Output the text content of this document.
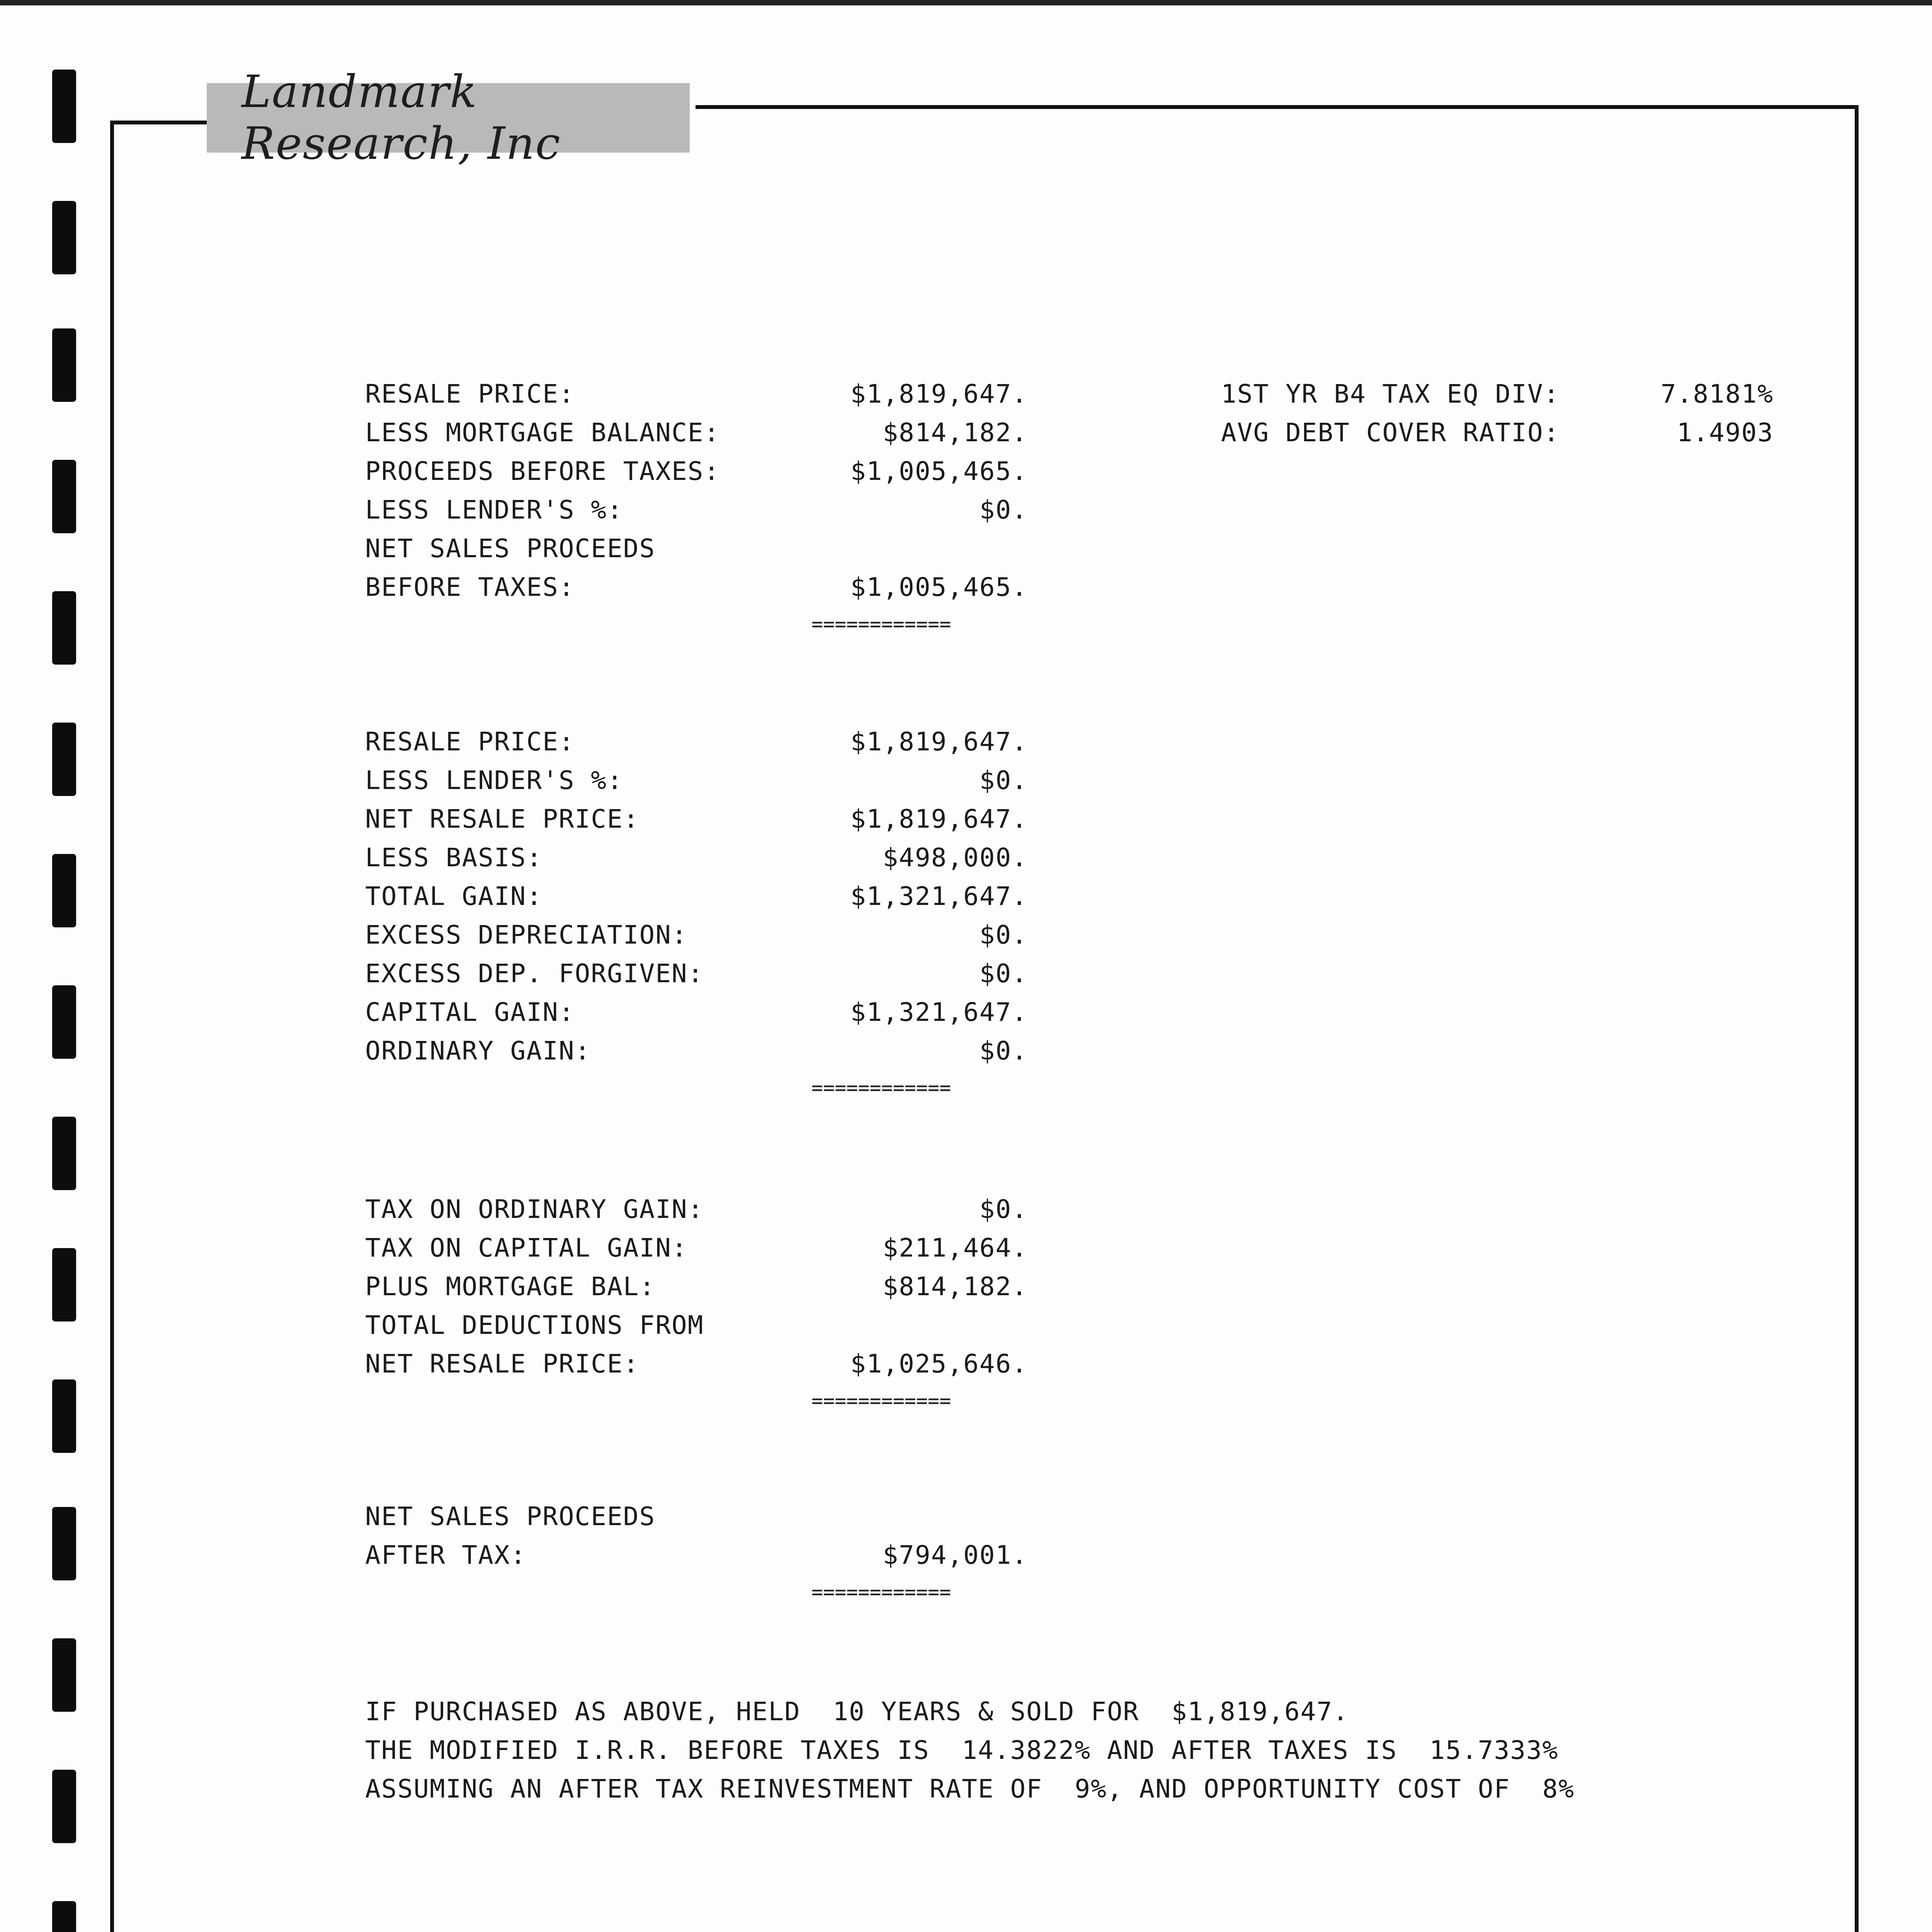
Landmark Research, Inc
1ST YR B4 TAX EQ DIV:	7.8181%
AVG DEBT COVER RATIO:	1.4903
RESALE PRICE:	$1,819,647.
LESS MORTGAGE BALANCE:	$814,182.
PROCEEDS BEFORE TAXES:	$1,005,465.
LESS LENDER'S %:	$0.
NET SALES PROCEEDS
BEFORE TAXES:	$1,005,465.
============
RESALE PRICE:	$1,819,647.
LESS LENDER'S %:	$0.
NET RESALE PRICE:	$1,819,647.
LESS BASIS:	$498,000.
TOTAL GAIN:	$1,321,647.
EXCESS DEPRECIATION:	$0.
EXCESS DEP. FORGIVEN:	$0.
CAPITAL GAIN:	$1,321,647.
ORDINARY GAIN:	$0.
============
TAX ON ORDINARY GAIN:	$0.
TAX ON CAPITAL GAIN:	$211,464.
PLUS MORTGAGE BAL:	$814,182.
TOTAL DEDUCTIONS FROM
NET RESALE PRICE:	$1,025,646.
============
NET SALES PROCEEDS
AFTER TAX:	$794,001.
============
IF PURCHASED AS ABOVE, HELD  10 YEARS & SOLD FOR  $1,819,647.
THE MODIFIED I.R.R. BEFORE TAXES IS  14.3822% AND AFTER TAXES IS  15.7333%
ASSUMING AN AFTER TAX REINVESTMENT RATE OF  9%, AND OPPORTUNITY COST OF  8%
